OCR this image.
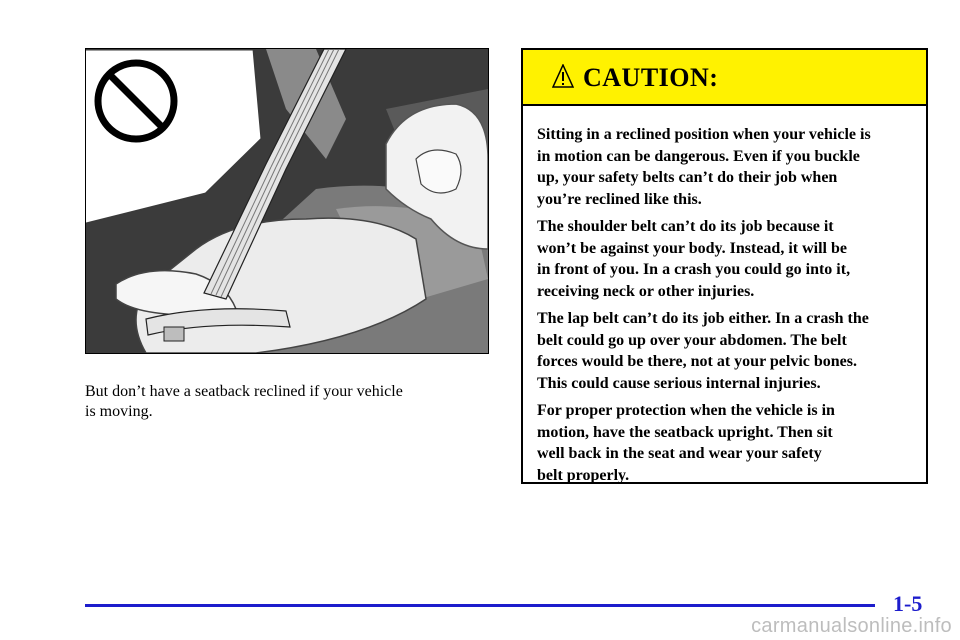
But don’t have a seatback reclined if your vehicle
is moving.
CAUTION:
Sitting in a reclined position when your vehicle is
in motion can be dangerous. Even if you buckle
up, your safety belts can’t do their job when
you’re reclined like this.
The shoulder belt can’t do its job because it
won’t be against your body. Instead, it will be
in front of you. In a crash you could go into it,
receiving neck or other injuries.
The lap belt can’t do its job either. In a crash the
belt could go up over your abdomen. The belt
forces would be there, not at your pelvic bones.
This could cause serious internal injuries.
For proper protection when the vehicle is in
motion, have the seatback upright. Then sit
well back in the seat and wear your safety
belt properly.
1-5
carmanualsonline.info
